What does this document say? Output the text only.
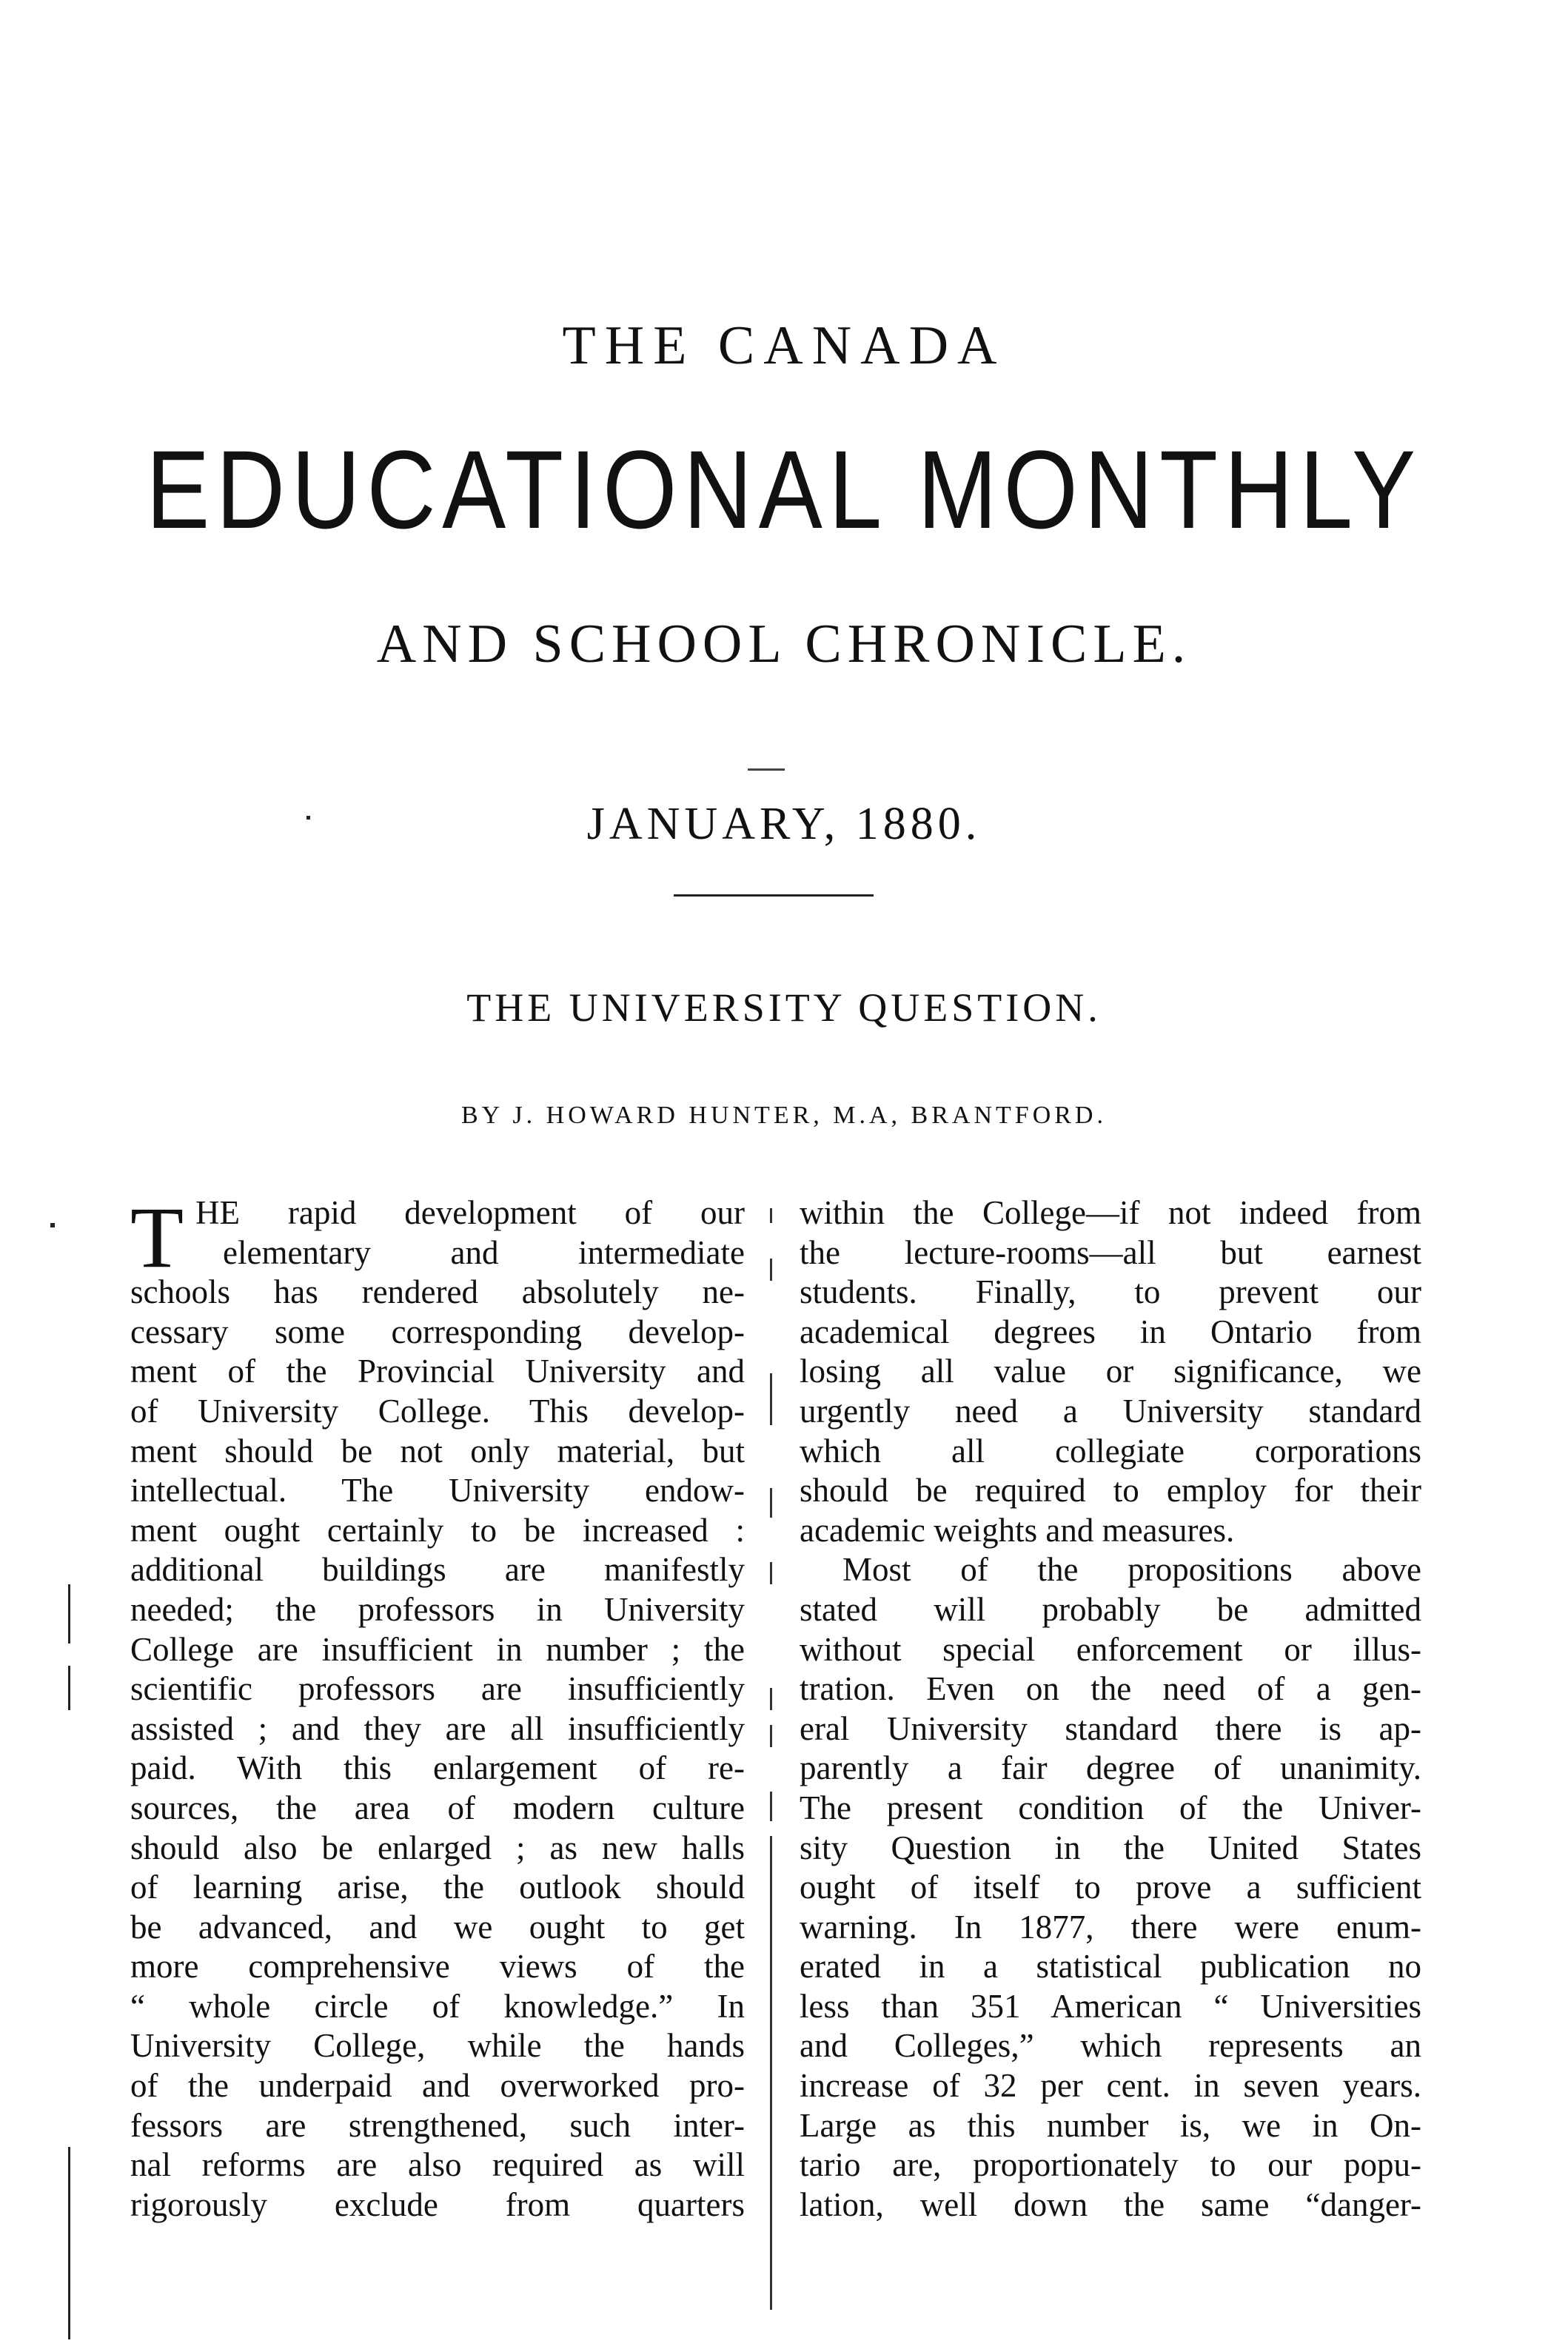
THE CANADA
EDUCATIONAL MONTHLY
AND SCHOOL CHRONICLE.
JANUARY, 1880.
THE UNIVERSITY QUESTION.
BY J. HOWARD HUNTER, M.A, BRANTFORD.
T HE rapid development of our
elementary and intermediate
schools has rendered absolutely ne-
cessary some corresponding develop-
ment of the Provincial University and
of University College. This develop-
ment should be not only material, but
intellectual. The University endow-
ment ought certainly to be increased :
additional buildings are manifestly
needed; the professors in University
College are insufficient in number ; the
scientific professors are insufficiently
assisted ; and they are all insufficiently
paid. With this enlargement of re-
sources, the area of modern culture
should also be enlarged ; as new halls
of learning arise, the outlook should
be advanced, and we ought to get
more comprehensive views of the
“ whole circle of knowledge.” In
University College, while the hands
of the underpaid and overworked pro-
fessors are strengthened, such inter-
nal reforms are also required as will
rigorously exclude from quarters
within the College—if not indeed from
the lecture-rooms—all but earnest
students. Finally, to prevent our
academical degrees in Ontario from
losing all value or significance, we
urgently need a University standard
which all collegiate corporations
should be required to employ for their
academic weights and measures.
Most of the propositions above
stated will probably be admitted
without special enforcement or illus-
tration. Even on the need of a gen-
eral University standard there is ap-
parently a fair degree of unanimity.
The present condition of the Univer-
sity Question in the United States
ought of itself to prove a sufficient
warning. In 1877, there were enum-
erated in a statistical publication no
less than 351 American “ Universities
and Colleges,” which represents an
increase of 32 per cent. in seven years.
Large as this number is, we in On-
tario are, proportionately to our popu-
lation, well down the same “danger-
